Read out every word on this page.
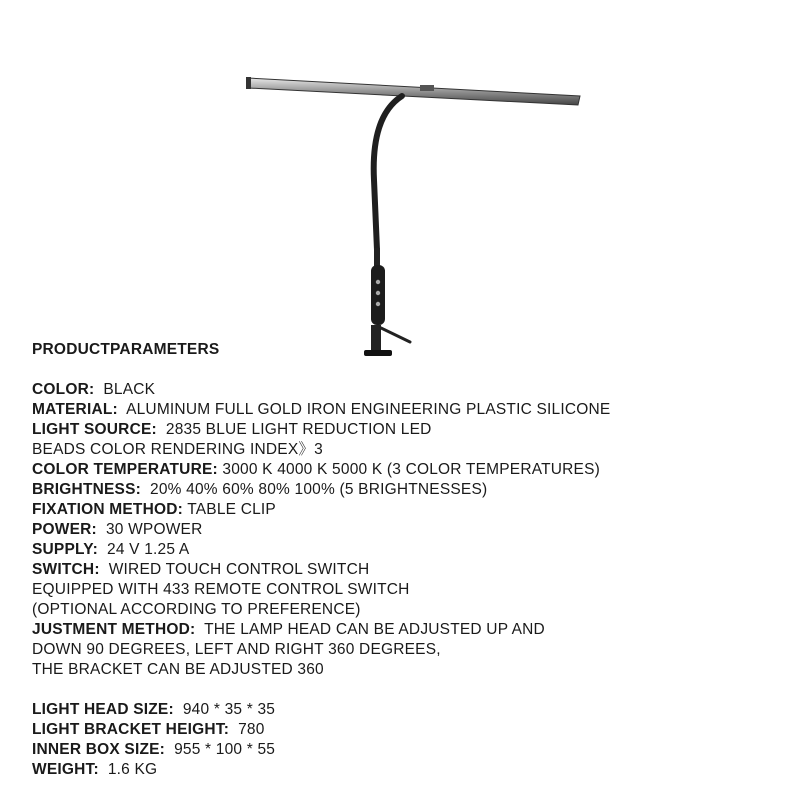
PRODUCTPARAMETERS

COLOR: BLACK

MATERIAL: ALUMINUM FULL GOLD IRON ENGINEERING PLASTIC SILICONE

LIGHT SOURCE: 2835 BLUE LIGHT REDUCTION LED

BEADS COLOR RENDERING INDEX》3

COLOR TEMPERATURE: 3000 K 4000 K 5000 K (3 COLOR TEMPERATURES)

BRIGHTNESS: 20% 40% 60% 80% 100% (5 BRIGHTNESSES)

FIXATION METHOD: TABLE CLIP

POWER: 30 WPOWER

SUPPLY: 24 V 1.25 A

SWITCH: WIRED TOUCH CONTROL SWITCH

EQUIPPED WITH 433 REMOTE CONTROL SWITCH

(OPTIONAL ACCORDING TO PREFERENCE)

JUSTMENT METHOD: THE LAMP HEAD CAN BE ADJUSTED UP AND

DOWN 90 DEGREES, LEFT AND RIGHT 360 DEGREES,

THE BRACKET CAN BE ADJUSTED 360

LIGHT HEAD SIZE: 940 * 35 * 35

LIGHT BRACKET HEIGHT: 780

INNER BOX SIZE: 955 * 100 * 55

WEIGHT: 1.6 KG
